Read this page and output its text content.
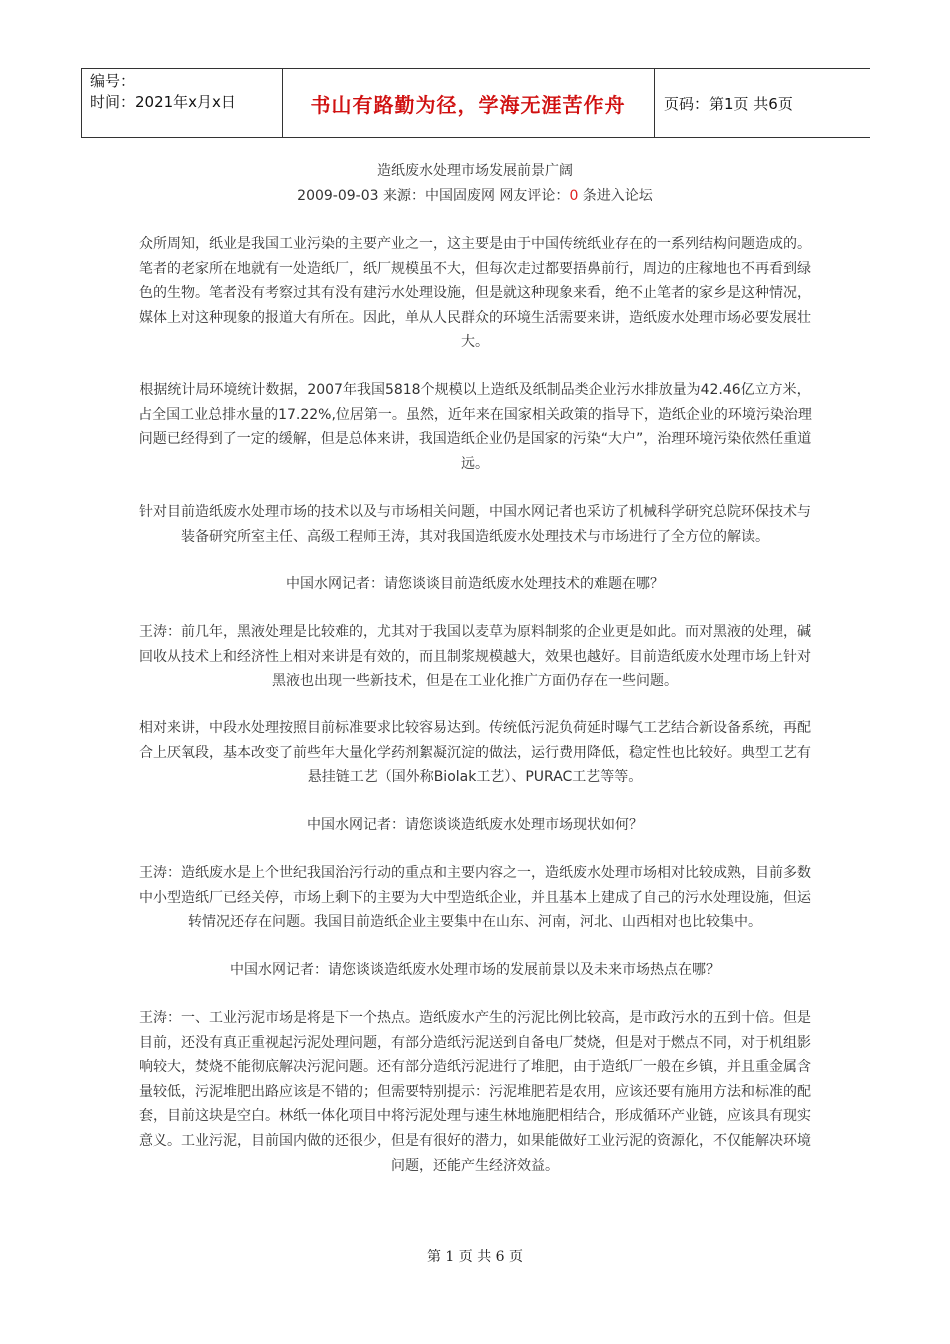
编号：
时间：2021年x月x日	书山有路勤为径，学海无涯苦作舟	页码：第1页 共6页
造纸废水处理市场发展前景广阔
2009-09-03 来源：中国固废网 网友评论：0 条进入论坛

众所周知，纸业是我国工业污染的主要产业之一，这主要是由于中国传统纸业存在的一系列结构问题造成的。笔者的老家所在地就有一处造纸厂，纸厂规模虽不大，但每次走过都要捂鼻前行，周边的庄稼地也不再看到绿色的生物。笔者没有考察过其有没有建污水处理设施，但是就这种现象来看，绝不止笔者的家乡是这种情况，媒体上对这种现象的报道大有所在。因此，单从人民群众的环境生活需要来讲，造纸废水处理市场必要发展壮大。

根据统计局环境统计数据，2007年我国5818个规模以上造纸及纸制品类企业污水排放量为42.46亿立方米，占全国工业总排水量的17.22%,位居第一。虽然，近年来在国家相关政策的指导下，造纸企业的环境污染治理问题已经得到了一定的缓解，但是总体来讲，我国造纸企业仍是国家的污染“大户”，治理环境污染依然任重道远。

针对目前造纸废水处理市场的技术以及与市场相关问题，中国水网记者也采访了机械科学研究总院环保技术与装备研究所室主任、高级工程师王涛，其对我国造纸废水处理技术与市场进行了全方位的解读。

中国水网记者：请您谈谈目前造纸废水处理技术的难题在哪？

王涛：前几年，黑液处理是比较难的，尤其对于我国以麦草为原料制浆的企业更是如此。而对黑液的处理，碱回收从技术上和经济性上相对来讲是有效的，而且制浆规模越大，效果也越好。目前造纸废水处理市场上针对黑液也出现一些新技术，但是在工业化推广方面仍存在一些问题。

相对来讲，中段水处理按照目前标准要求比较容易达到。传统低污泥负荷延时曝气工艺结合新设备系统，再配合上厌氧段，基本改变了前些年大量化学药剂絮凝沉淀的做法，运行费用降低，稳定性也比较好。典型工艺有悬挂链工艺（国外称Biolak工艺）、PURAC工艺等等。

中国水网记者：请您谈谈造纸废水处理市场现状如何？

王涛：造纸废水是上个世纪我国治污行动的重点和主要内容之一，造纸废水处理市场相对比较成熟，目前多数中小型造纸厂已经关停，市场上剩下的主要为大中型造纸企业，并且基本上建成了自己的污水处理设施，但运转情况还存在问题。我国目前造纸企业主要集中在山东、河南，河北、山西相对也比较集中。

中国水网记者：请您谈谈造纸废水处理市场的发展前景以及未来市场热点在哪？

王涛：一、工业污泥市场是将是下一个热点。造纸废水产生的污泥比例比较高，是市政污水的五到十倍。但是目前，还没有真正重视起污泥处理问题，有部分造纸污泥送到自备电厂焚烧，但是对于燃点不同，对于机组影响较大，焚烧不能彻底解决污泥问题。还有部分造纸污泥进行了堆肥，由于造纸厂一般在乡镇，并且重金属含量较低，污泥堆肥出路应该是不错的；但需要特别提示：污泥堆肥若是农用，应该还要有施用方法和标准的配套，目前这块是空白。林纸一体化项目中将污泥处理与速生林地施肥相结合，形成循环产业链，应该具有现实意义。工业污泥，目前国内做的还很少，但是有很好的潜力，如果能做好工业污泥的资源化，不仅能解决环境问题，还能产生经济效益。

第 1 页 共 6 页
